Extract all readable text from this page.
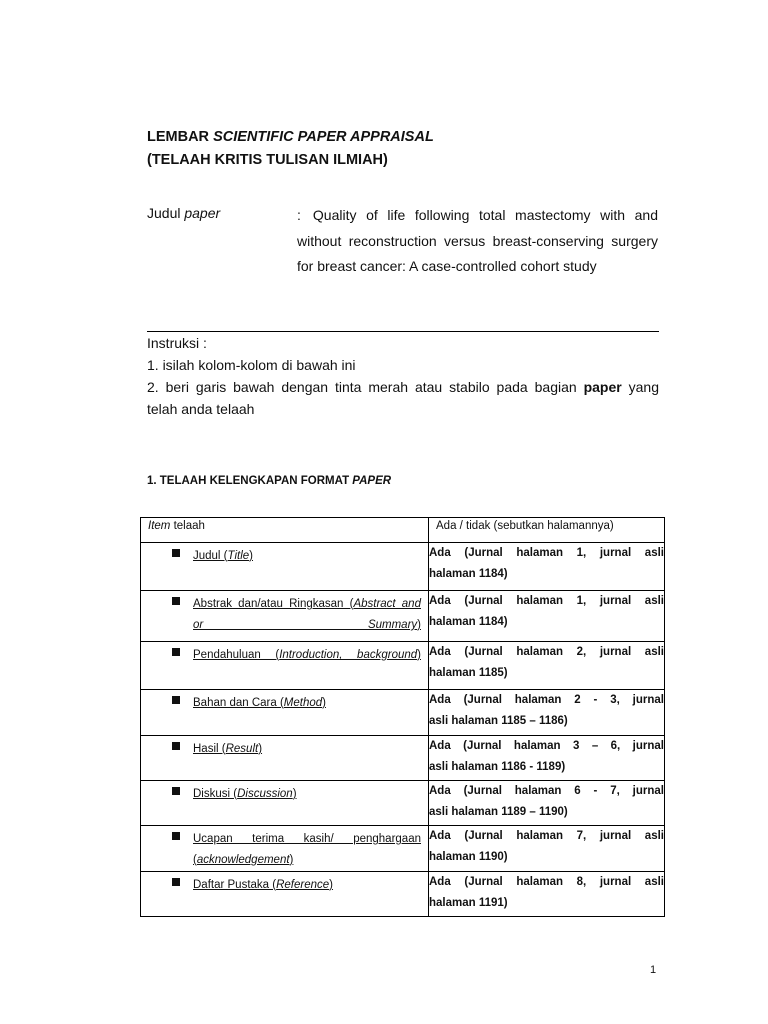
LEMBAR SCIENTIFIC PAPER APPRAISAL
(TELAAH KRITIS TULISAN ILMIAH)
Judul paper	: Quality of life following total mastectomy with and without reconstruction versus breast-conserving surgery for breast cancer: A case-controlled cohort study
Instruksi :
1. isilah kolom-kolom di bawah ini
2. beri garis bawah dengan tinta merah atau stabilo pada bagian paper yang
telah anda telaah
1. TELAAH KELENGKAPAN FORMAT PAPER
Item telaah	Ada / tidak (sebutkan halamannya)

Judul (Title)	Ada (Jurnal halaman 1, jurnal asli
halaman 1184)

Abstrak dan/atau Ringkasan (Abstract and or Summary)	Ada (Jurnal halaman 1, jurnal asli
halaman 1184)

Pendahuluan (Introduction, background)	Ada (Jurnal halaman 2, jurnal asli
halaman 1185)

Bahan dan Cara (Method)	Ada (Jurnal halaman 2 - 3, jurnal
asli halaman 1185 – 1186)

Hasil (Result)	Ada (Jurnal halaman 3 – 6, jurnal
asli halaman 1186 - 1189)

Diskusi (Discussion)	Ada (Jurnal halaman 6 - 7, jurnal
asli halaman 1189 – 1190)

Ucapan terima kasih/ penghargaan (acknowledgement)	Ada (Jurnal halaman 7, jurnal asli
halaman 1190)

Daftar Pustaka (Reference)	Ada (Jurnal halaman 8, jurnal asli
halaman 1191)
1
